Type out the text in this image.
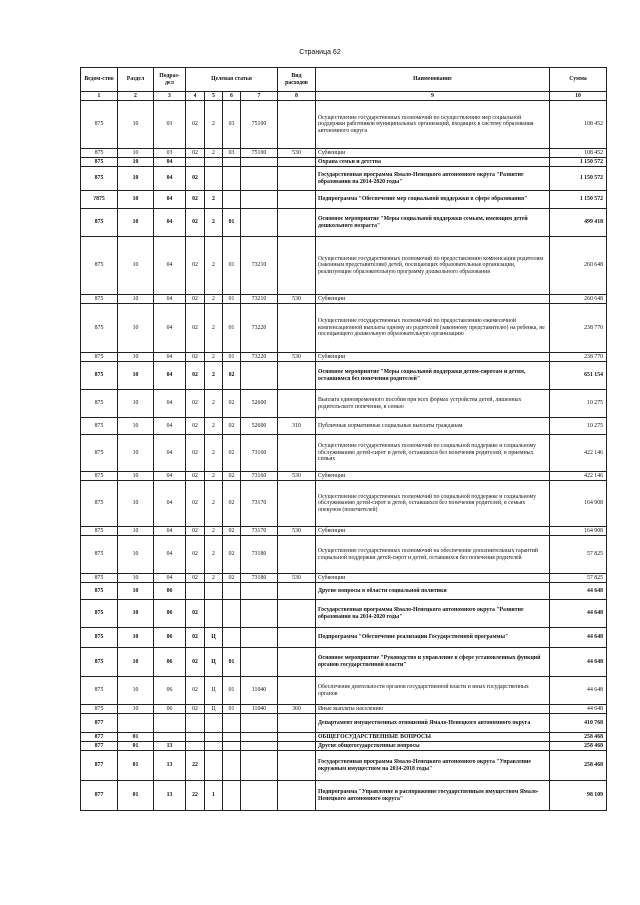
Страница 62
Ведом-ство	Раздел	Подраз-дел	Целевая статья				Вид расходов	Наименование	Сумма

1	2	3	4	5	6	7	8	9	10
875	10	03	02	2	03	75100		Осуществление государственных полномочий по осуществлению мер социальной поддержки работников муниципальных организаций, входящих в систему образования автономного округа	108 452
875	10	03	02	2	03	75100	530	Субвенции	108 452
875	10	04						Охрана семьи и детства	1 150 572
875	10	04	02					Государственная программа Ямало-Ненецкого автономного округа "Развитие образования на 2014-2020 годы"	1 150 572
?875	10	04	02	2				Подпрограмма "Обеспечение мер социальной поддержки в сфере образования"	1 150 572
875	10	04	02	2	01			Основное мероприятие "Меры социальной поддержки семьям, имеющим детей дошкольного возраста"	499 418
875	10	04	02	2	01	73210		Осуществление государственных полномочий по предоставлению компенсации родителям (законным представителям) детей, посещающих образовательные организации, реализующие образовательную программу дошкольного образования	260 648
875	10	04	02	2	01	73210	530	Субвенции	260 648
875	10	04	02	2	01	73220		Осуществление государственных полномочий по предоставлению ежемесячной компенсационной выплаты одному из родителей (законному представителю) на ребенка, не посещающего дошкольную образовательную организацию	238 770
875	10	04	02	2	01	73220	530	Субвенции	238 770
875	10	04	02	2	02			Основное мероприятие "Меры социальной поддержки детям-сиротам и детям, оставшимся без попечения родителей"	651 154
875	10	04	02	2	02	52600		Выплата единовременного пособия при всех формах устройства детей, лишенных родительского попечения, в семью	10 275
875	10	04	02	2	02	52600	310	Публичные нормативные социальные выплаты гражданам	10 275
875	10	04	02	2	02	73160		Осуществление государственных полномочий по социальной поддержке и социальному обслуживанию детей-сирот и детей, оставшихся без попечения родителей, в приемных семьях	422 146
875	10	04	02	2	02	73160	530	Субвенции	422 146
875	10	04	02	2	02	73170		Осуществление государственных полномочий по социальной поддержке и социальному обслуживанию детей-сирот и детей, оставшихся без попечения родителей, в семьях опекунов (попечителей)	164 908
875	10	04	02	2	02	73170	530	Субвенции	164 908
875	10	04	02	2	02	73180		Осуществление государственных полномочий на обеспечение дополнительных гарантий социальной поддержки детей-сирот и детей, оставшихся без попечения родителей	57 825
875	10	04	02	2	02	73180	530	Субвенции	57 825
875	10	06						Другие вопросы в области социальной политики	44 648
875	10	06	02					Государственная программа Ямало-Ненецкого автономного округа "Развитие образования на 2014-2020 годы"	44 648
875	10	06	02	Ц				Подпрограмма "Обеспечение реализации Государственной программы"	44 648
875	10	06	02	Ц	01			Основное мероприятие "Руководство и управление в сфере установленных функций органов государственной власти"	44 648
875	10	06	02	Ц	01	11040		Обеспечение деятельности органов государственной власти и иных государственных органов	44 648
875	10	06	02	Ц	01	11040	360	Иные выплаты населению	44 648
877								Департамент имущественных отношений Ямало-Ненецкого автономного округа	410 768
877	01							ОБЩЕГОСУДАРСТВЕННЫЕ ВОПРОСЫ	258 468
877	01	13						Другие общегосударственные вопросы	258 468
877	01	13	22					Государственная программа Ямало-Ненецкого автономного округа "Управление окружным имуществом на 2014-2018 годы"	258 468
877	01	13	22	1				Подпрограмма "Управление и распоряжение государственным имуществом Ямало-Ненецкого автономного округа"	98 109
